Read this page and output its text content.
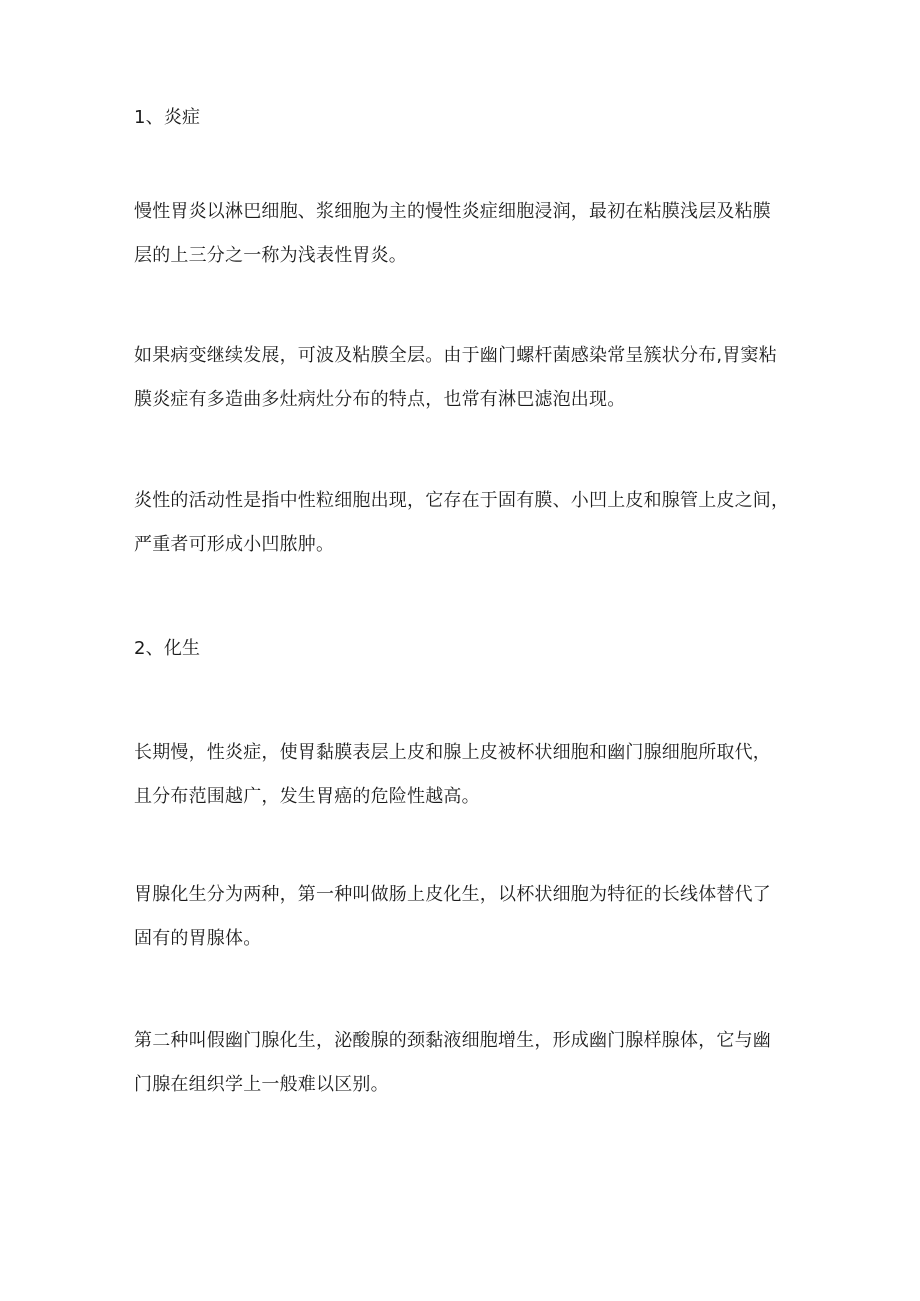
1、炎症
慢性胃炎以淋巴细胞、浆细胞为主的慢性炎症细胞浸润，最初在粘膜浅层及粘膜
层的上三分之一称为浅表性胃炎。
如果病变继续发展，可波及粘膜全层。由于幽门螺杆菌感染常呈簇状分布,胃窦粘
膜炎症有多造曲多灶病灶分布的特点，也常有淋巴滤泡出现。
炎性的活动性是指中性粒细胞出现，它存在于固有膜、小凹上皮和腺管上皮之间，
严重者可形成小凹脓肿。
2、化生
长期慢，性炎症，使胃黏膜表层上皮和腺上皮被杯状细胞和幽门腺细胞所取代，
且分布范围越广，发生胃癌的危险性越高。
胃腺化生分为两种，第一种叫做肠上皮化生，以杯状细胞为特征的长线体替代了
固有的胃腺体。
第二种叫假幽门腺化生，泌酸腺的颈黏液细胞增生，形成幽门腺样腺体，它与幽
门腺在组织学上一般难以区别。
